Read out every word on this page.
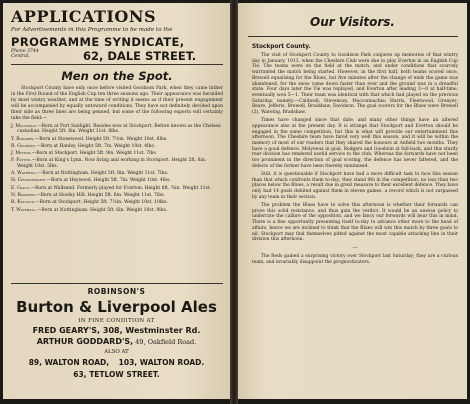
APPLICATIONS
For Advertisements in this Programme to be made to the
PROGRAMME SYNDICATE,
Phone 3744 Central.	62, DALE STREET.
Men on the Spot.

Stockport County have only once before visited Goodison Park, when they came hither in the First Round of the English Cup ten three seasons ago. Their appearance was heralded by most wintry weather, and at the time of writing it seems as if their present engagement will be accompanied by equally untoward conditions. They have not definitely decided upon their side as three lines are being penned, but some of the following experts will certainly take the field:—

J. Molyneux.—Born at Port Sunlight. Resides now at Stockport. Before known as the Chelsea custodian. Height 5ft. 8in. Weight 11st. 8lbs.
T. Rodgers.—Born at Stonewood. Height 5ft. 7½in. Weight 10st. 6lbs.
R. Goodwin.—Born at Hanley. Height 5ft. 7in. Weight 10st. 4lbs.
J. Mitton.—Born at Stockport. Height 5ft. 9in. Weight 11st. 7lbs.
F. Payton.—Born at King's Lynn. Now living and working in Stockport. Height 5ft. 8in. Weight 10st. 5lbs.
A. Waterall.—Born at Nottingham. Height 5ft. 8in. Weight 11st. 7lbs.
H. Crossthwaite.—Born at Heywood. Height 5ft. 7in. Weight 10st. 4lbs.
E. Gault.—Born at Wallsend. Formerly played for Everton. Height 6ft. ¾in. Weight 11st.
N. Rodgers.—Born at Hooley Hill. Height 5ft. 6in. Weight 11st. 7lbs.
R. Kellock.—Born at Stockport. Height 5ft. 7½in. Weight 10st. 10lbs.
T. Waterall.—Born at Nottingham. Height 5ft. 6in. Weight 10st. 9lbs.
ROBINSON'S
Burton & Liverpool Ales
IN FINE CONDITION AT
FRED GEARY'S, 308, Westminster Rd.
ARTHUR GODDARD'S, 49, Oakfield Road.
ALSO AT
89, WALTON ROAD, 103, WALTON ROAD.
63, TETLOW STREET.
Our Visitors.
Stockport County.

The visit of Stockport County to Goodison Park conjures up memories of that wintry day in January, 1913, when the Cheshire Club were due to play Everton in an English Cup Tie. The teams were on the field at the match, and under conditions that scarcely warranted the match being started. However, in the first half, both teams scored once, Brewell equalising for the Blues, but five minutes after the change of ends the game was abandoned, for the snow came down faster than ever and the ground was in a dreadful state. Four days later the Tie was replayed, and Everton after leading 3—0 at half-time, eventually won 5—1. Their team was identical with that which had played on the previous Saturday, namely:—Caldwell; Stevenson, Macconnachie; Harris, Fleetwood, Grenyer; Beare, Jefferis, Brewell, Bradshaw, Davidson. The goal scorers for the Blues were Brewell (2), Wareing, Bradshaw.

Times have changed since that date, and many other things have an altered appearance also at the present day. It is strange that Stockport and Everton should be engaged in the same competition, but this is what will provide our entertainment this afternoon. The Cheshire team have fared very well this season, and it will be within the memory of most of our readers that they shared the honours at Anfield two months. They have a good defence. Molyneux in goal, Rodgers and Goodwin at full-back, and this sturdy rear division has rendered useful service to the club. Whereas the forwards have not been too prominent in the direction of goal scoring, the defence has never faltered, and the defects of the former have been thereby minimised.

Still, it is questionable if Stockport have had a more difficult task to face this season than that which confronts them to-day; they stand 9th in the competition, no less than two places below the Blues, a result due in great measure to their excellent defence. They have only had 14 goals debited against them in eleven games, a record which is not surpassed by any team in their section.

The problem the Blues have to solve this afternoon is whether their forwards can prove this solid resistance, and thus gain the verdict. It would be an unwise policy to underrate the calibre of the opposition, and we fancy our forwards will bear this in mind. There is a fine opportunity presenting itself to-day to advance other more to the head of affairs, hence we are inclined to think that the Blues will win this match by three goals to nil. Stockport may find themselves pitted against the most capable attacking line in their division this afternoon.

—

The Reds gained a surprising victory over Stockport last Saturday; they are a curious team, and invariably disappoint the prognosticators.
